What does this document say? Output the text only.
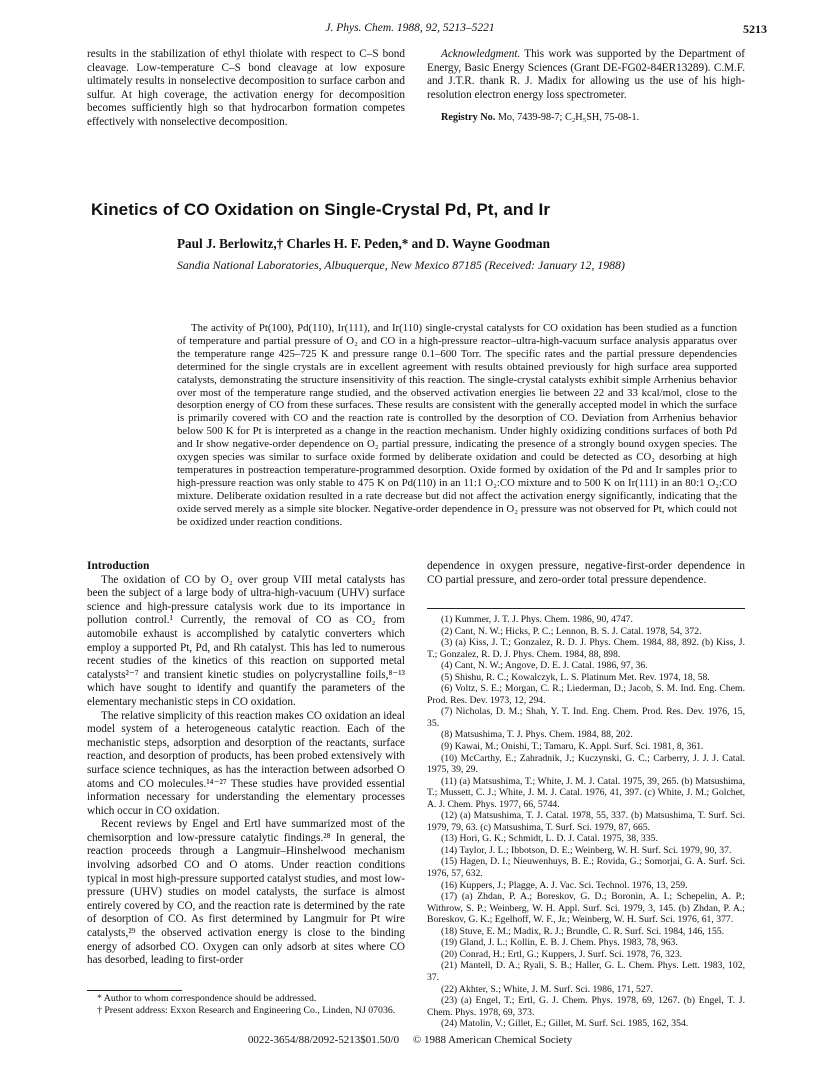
J. Phys. Chem. 1988, 92, 5213–5221	5213

results in the stabilization of ethyl thiolate with respect to C–S bond cleavage. Low-temperature C–S bond cleavage at low exposure ultimately results in nonselective decomposition to surface carbon and sulfur. At high coverage, the activation energy for decomposition becomes sufficiently high so that hydrocarbon formation competes effectively with nonselective decomposition.

Acknowledgment. This work was supported by the Department of Energy, Basic Energy Sciences (Grant DE-FG02-84ER13289). C.M.F. and J.T.R. thank R. J. Madix for allowing us the use of his high-resolution electron energy loss spectrometer.

Registry No. Mo, 7439-98-7; C₂H₅SH, 75-08-1.

Kinetics of CO Oxidation on Single-Crystal Pd, Pt, and Ir
Paul J. Berlowitz,† Charles H. F. Peden,* and D. Wayne Goodman
Sandia National Laboratories, Albuquerque, New Mexico 87185 (Received: January 12, 1988)

The activity of Pt(100), Pd(110), Ir(111), and Ir(110) single-crystal catalysts for CO oxidation has been studied as a function of temperature and partial pressure of O₂ and CO in a high-pressure reactor–ultra-high-vacuum surface analysis apparatus over the temperature range 425–725 K and pressure range 0.1–600 Torr. The specific rates and the partial pressure dependencies determined for the single crystals are in excellent agreement with results obtained previously for high surface area supported catalysts, demonstrating the structure insensitivity of this reaction. The single-crystal catalysts exhibit simple Arrhenius behavior over most of the temperature range studied, and the observed activation energies lie between 22 and 33 kcal/mol, close to the desorption energy of CO from these surfaces. These results are consistent with the generally accepted model in which the surface is primarily covered with CO and the reaction rate is controlled by the desorption of CO. Deviation from Arrhenius behavior below 500 K for Pt is interpreted as a change in the reaction mechanism. Under highly oxidizing conditions surfaces of both Pd and Ir show negative-order dependence on O₂ partial pressure, indicating the presence of a strongly bound oxygen species. The oxygen species was similar to surface oxide formed by deliberate oxidation and could be detected as CO₂ desorbing at high temperatures in postreaction temperature-programmed desorption. Oxide formed by oxidation of the Pd and Ir samples prior to high-pressure reaction was only stable to 475 K on Pd(110) in an 11:1 O₂:CO mixture and to 500 K on Ir(111) in an 80:1 O₂:CO mixture. Deliberate oxidation resulted in a rate decrease but did not affect the activation energy significantly, indicating that the oxide served merely as a simple site blocker. Negative-order dependence in O₂ pressure was not observed for Pt, which could not be oxidized under reaction conditions.

Introduction

The oxidation of CO by O₂ over group VIII metal catalysts has been the subject of a large body of ultra-high-vacuum (UHV) surface science and high-pressure catalysis work due to its importance in pollution control.¹ Currently, the removal of CO as CO₂ from automobile exhaust is accomplished by catalytic converters which employ a supported Pt, Pd, and Rh catalyst. This has led to numerous recent studies of the kinetics of this reaction on supported metal catalysts²⁻⁷ and transient kinetic studies on polycrystalline foils,⁸⁻¹³ which have sought to identify and quantify the parameters of the elementary mechanistic steps in CO oxidation.

The relative simplicity of this reaction makes CO oxidation an ideal model system of a heterogeneous catalytic reaction. Each of the mechanistic steps, adsorption and desorption of the reactants, surface reaction, and desorption of products, has been probed extensively with surface science techniques, as has the interaction between adsorbed O atoms and CO molecules.¹⁴⁻²⁷ These studies have provided essential information necessary for understanding the elementary processes which occur in CO oxidation.

Recent reviews by Engel and Ertl have summarized most of the chemisorption and low-pressure catalytic findings.²⁸ In general, the reaction proceeds through a Langmuir–Hinshelwood mechanism involving adsorbed CO and O atoms. Under reaction conditions typical in most high-pressure supported catalyst studies, and most low-pressure (UHV) studies on model catalysts, the surface is almost entirely covered by CO, and the reaction rate is determined by the rate of desorption of CO. As first determined by Langmuir for Pt wire catalysts,²⁹ the observed activation energy is close to the binding energy of adsorbed CO. Oxygen can only adsorb at sites where CO has desorbed, leading to first-order

dependence in oxygen pressure, negative-first-order dependence in CO partial pressure, and zero-order total pressure dependence.

(1) Kummer, J. T. J. Phys. Chem. 1986, 90, 4747.

(2) Cant, N. W.; Hicks, P. C.; Lennon, B. S. J. Catal. 1978, 54, 372.

(3) (a) Kiss, J. T.; Gonzalez, R. D. J. Phys. Chem. 1984, 88, 892. (b) Kiss, J. T.; Gonzalez, R. D. J. Phys. Chem. 1984, 88, 898.

(4) Cant, N. W.; Angove, D. E. J. Catal. 1986, 97, 36.

(5) Shishu, R. C.; Kowalczyk, L. S. Platinum Met. Rev. 1974, 18, 58.

(6) Voltz, S. E.; Morgan, C. R.; Liederman, D.; Jacob, S. M. Ind. Eng. Chem. Prod. Res. Dev. 1973, 12, 294.

(7) Nicholas, D. M.; Shah, Y. T. Ind. Eng. Chem. Prod. Res. Dev. 1976, 15, 35.

(8) Matsushima, T. J. Phys. Chem. 1984, 88, 202.

(9) Kawai, M.; Onishi, T.; Tamaru, K. Appl. Surf. Sci. 1981, 8, 361.

(10) McCarthy, E.; Zahradnik, J.; Kuczynski, G. C.; Carberry, J. J. J. Catal. 1975, 39, 29.

(11) (a) Matsushima, T.; White, J. M. J. Catal. 1975, 39, 265. (b) Matsushima, T.; Mussett, C. J.; White, J. M. J. Catal. 1976, 41, 397. (c) White, J. M.; Golchet, A. J. Chem. Phys. 1977, 66, 5744.

(12) (a) Matsushima, T. J. Catal. 1978, 55, 337. (b) Matsushima, T. Surf. Sci. 1979, 79, 63. (c) Matsushima, T. Surf. Sci. 1979, 87, 665.

(13) Hori, G. K.; Schmidt, L. D. J. Catal. 1975, 38, 335.

(14) Taylor, J. L.; Ibbotson, D. E.; Weinberg, W. H. Surf. Sci. 1979, 90, 37.

(15) Hagen, D. I.; Nieuwenhuys, B. E.; Rovida, G.; Somorjai, G. A. Surf. Sci. 1976, 57, 632.

(16) Kuppers, J.; Plagge, A. J. Vac. Sci. Technol. 1976, 13, 259.

(17) (a) Zhdan, P. A.; Boreskov, G. D.; Boronin, A. I.; Schepelin, A. P.; Withrow, S. P.; Weinberg, W. H. Appl. Surf. Sci. 1979, 3, 145. (b) Zhdan, P. A.; Boreskov, G. K.; Egelhoff, W. F., Jr.; Weinberg, W. H. Surf. Sci. 1976, 61, 377.

(18) Stuve, E. M.; Madix, R. J.; Brundle, C. R. Surf. Sci. 1984, 146, 155.

(19) Gland, J. L.; Kollin, E. B. J. Chem. Phys. 1983, 78, 963.

(20) Conrad, H.; Ertl, G.; Kuppers, J. Surf. Sci. 1978, 76, 323.

(21) Mantell, D. A.; Ryali, S. B.; Haller, G. L. Chem. Phys. Lett. 1983, 102, 37.

(22) Akhter, S.; White, J. M. Surf. Sci. 1986, 171, 527.

(23) (a) Engel, T.; Ertl, G. J. Chem. Phys. 1978, 69, 1267. (b) Engel, T. J. Chem. Phys. 1978, 69, 373.

(24) Matolin, V.; Gillet, E.; Gillet, M. Surf. Sci. 1985, 162, 354.

* Author to whom correspondence should be addressed.

† Present address: Exxon Research and Engineering Co., Linden, NJ 07036.

0022-3654/88/2092-5213$01.50/0 © 1988 American Chemical Society
